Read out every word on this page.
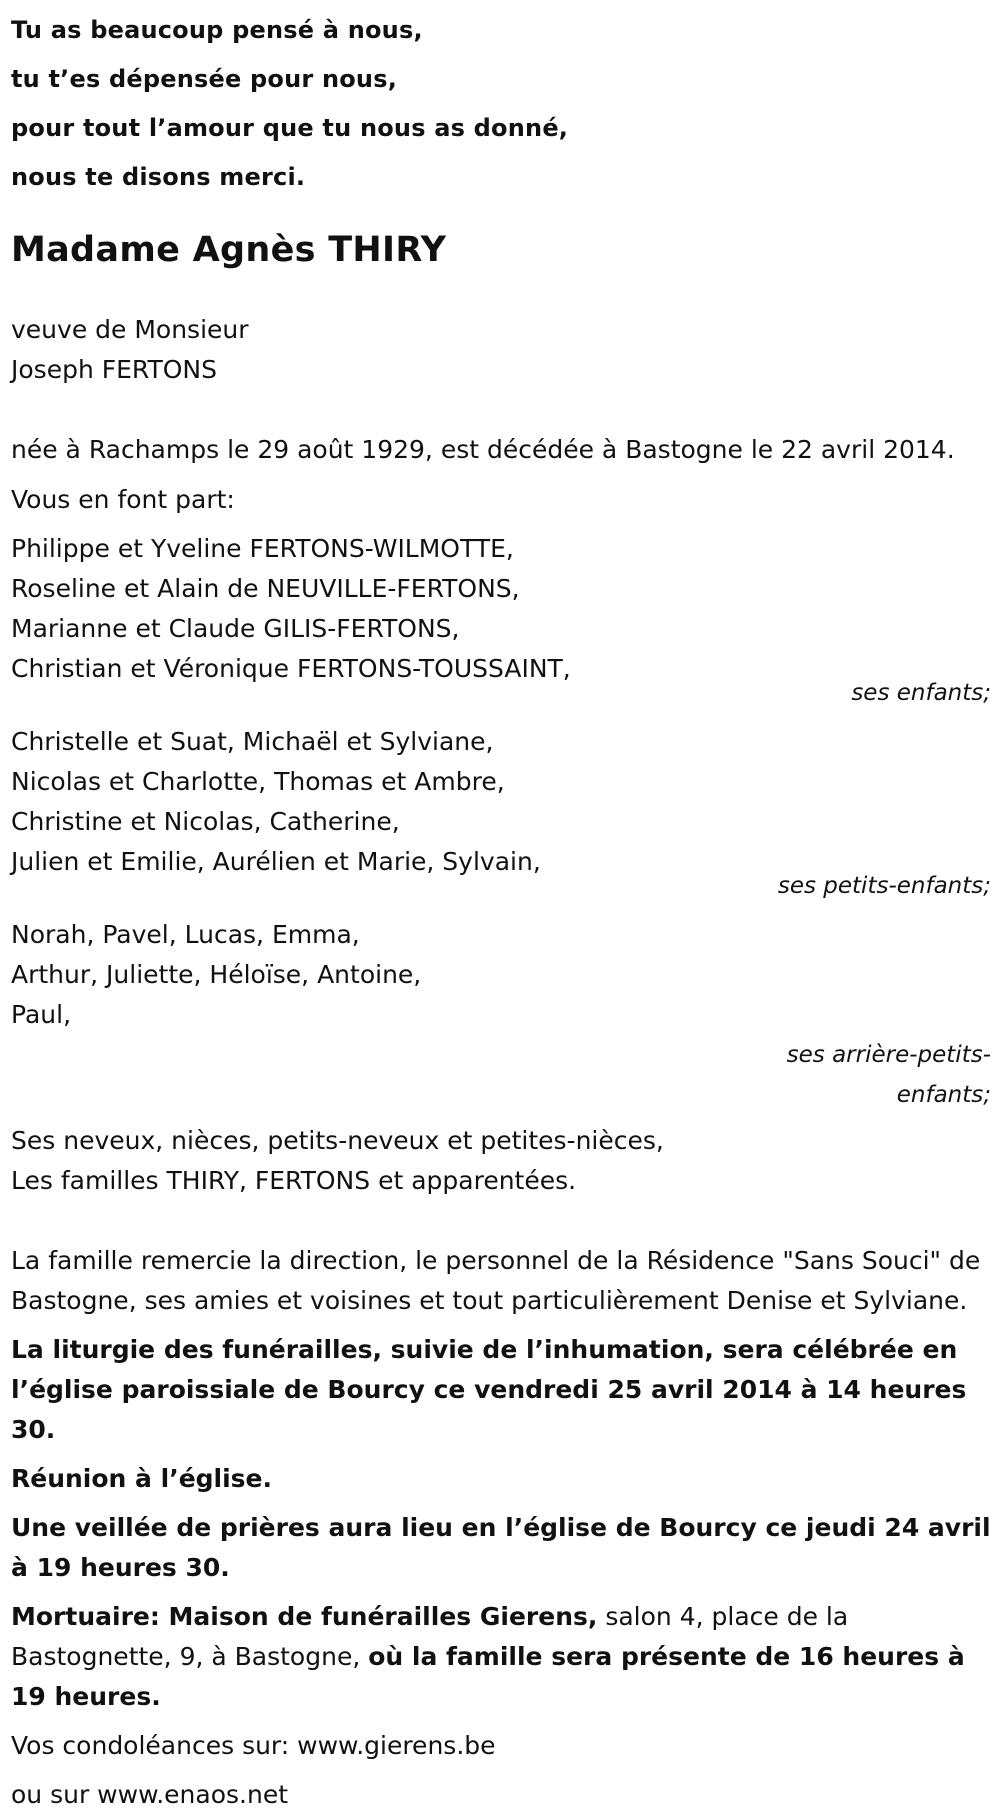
Tu as beaucoup pensé à nous,
tu t’es dépensée pour nous,
pour tout l’amour que tu nous as donné,
nous te disons merci.
Madame Agnès THIRY
veuve de Monsieur
Joseph FERTONS
née à Rachamps le 29 août 1929, est décédée à Bastogne le 22 avril 2014.
Vous en font part:
Philippe et Yveline FERTONS-WILMOTTE,
Roseline et Alain de NEUVILLE-FERTONS,
Marianne et Claude GILIS-FERTONS,
Christian et Véronique FERTONS-TOUSSAINT,
ses enfants;
Christelle et Suat, Michaël et Sylviane,
Nicolas et Charlotte, Thomas et Ambre,
Christine et Nicolas, Catherine,
Julien et Emilie, Aurélien et Marie, Sylvain,
ses petits-enfants;
Norah, Pavel, Lucas, Emma,
Arthur, Juliette, Héloïse, Antoine,
Paul,
ses arrière-petits-
enfants;
Ses neveux, nièces, petits-neveux et petites-nièces,
Les familles THIRY, FERTONS et apparentées.
La famille remercie la direction, le personnel de la Résidence "Sans Souci" de Bastogne, ses amies et voisines et tout particulièrement Denise et Sylviane.
La liturgie des funérailles, suivie de l’inhumation, sera célébrée en l’église paroissiale de Bourcy ce vendredi 25 avril 2014 à 14 heures 30.
Réunion à l’église.
Une veillée de prières aura lieu en l’église de Bourcy ce jeudi 24 avril à 19 heures 30.
Mortuaire: Maison de funérailles Gierens, salon 4, place de la Bastognette, 9, à Bastogne, où la famille sera présente de 16 heures à 19 heures.
Vos condoléances sur: www.gierens.be
ou sur www.enaos.net
